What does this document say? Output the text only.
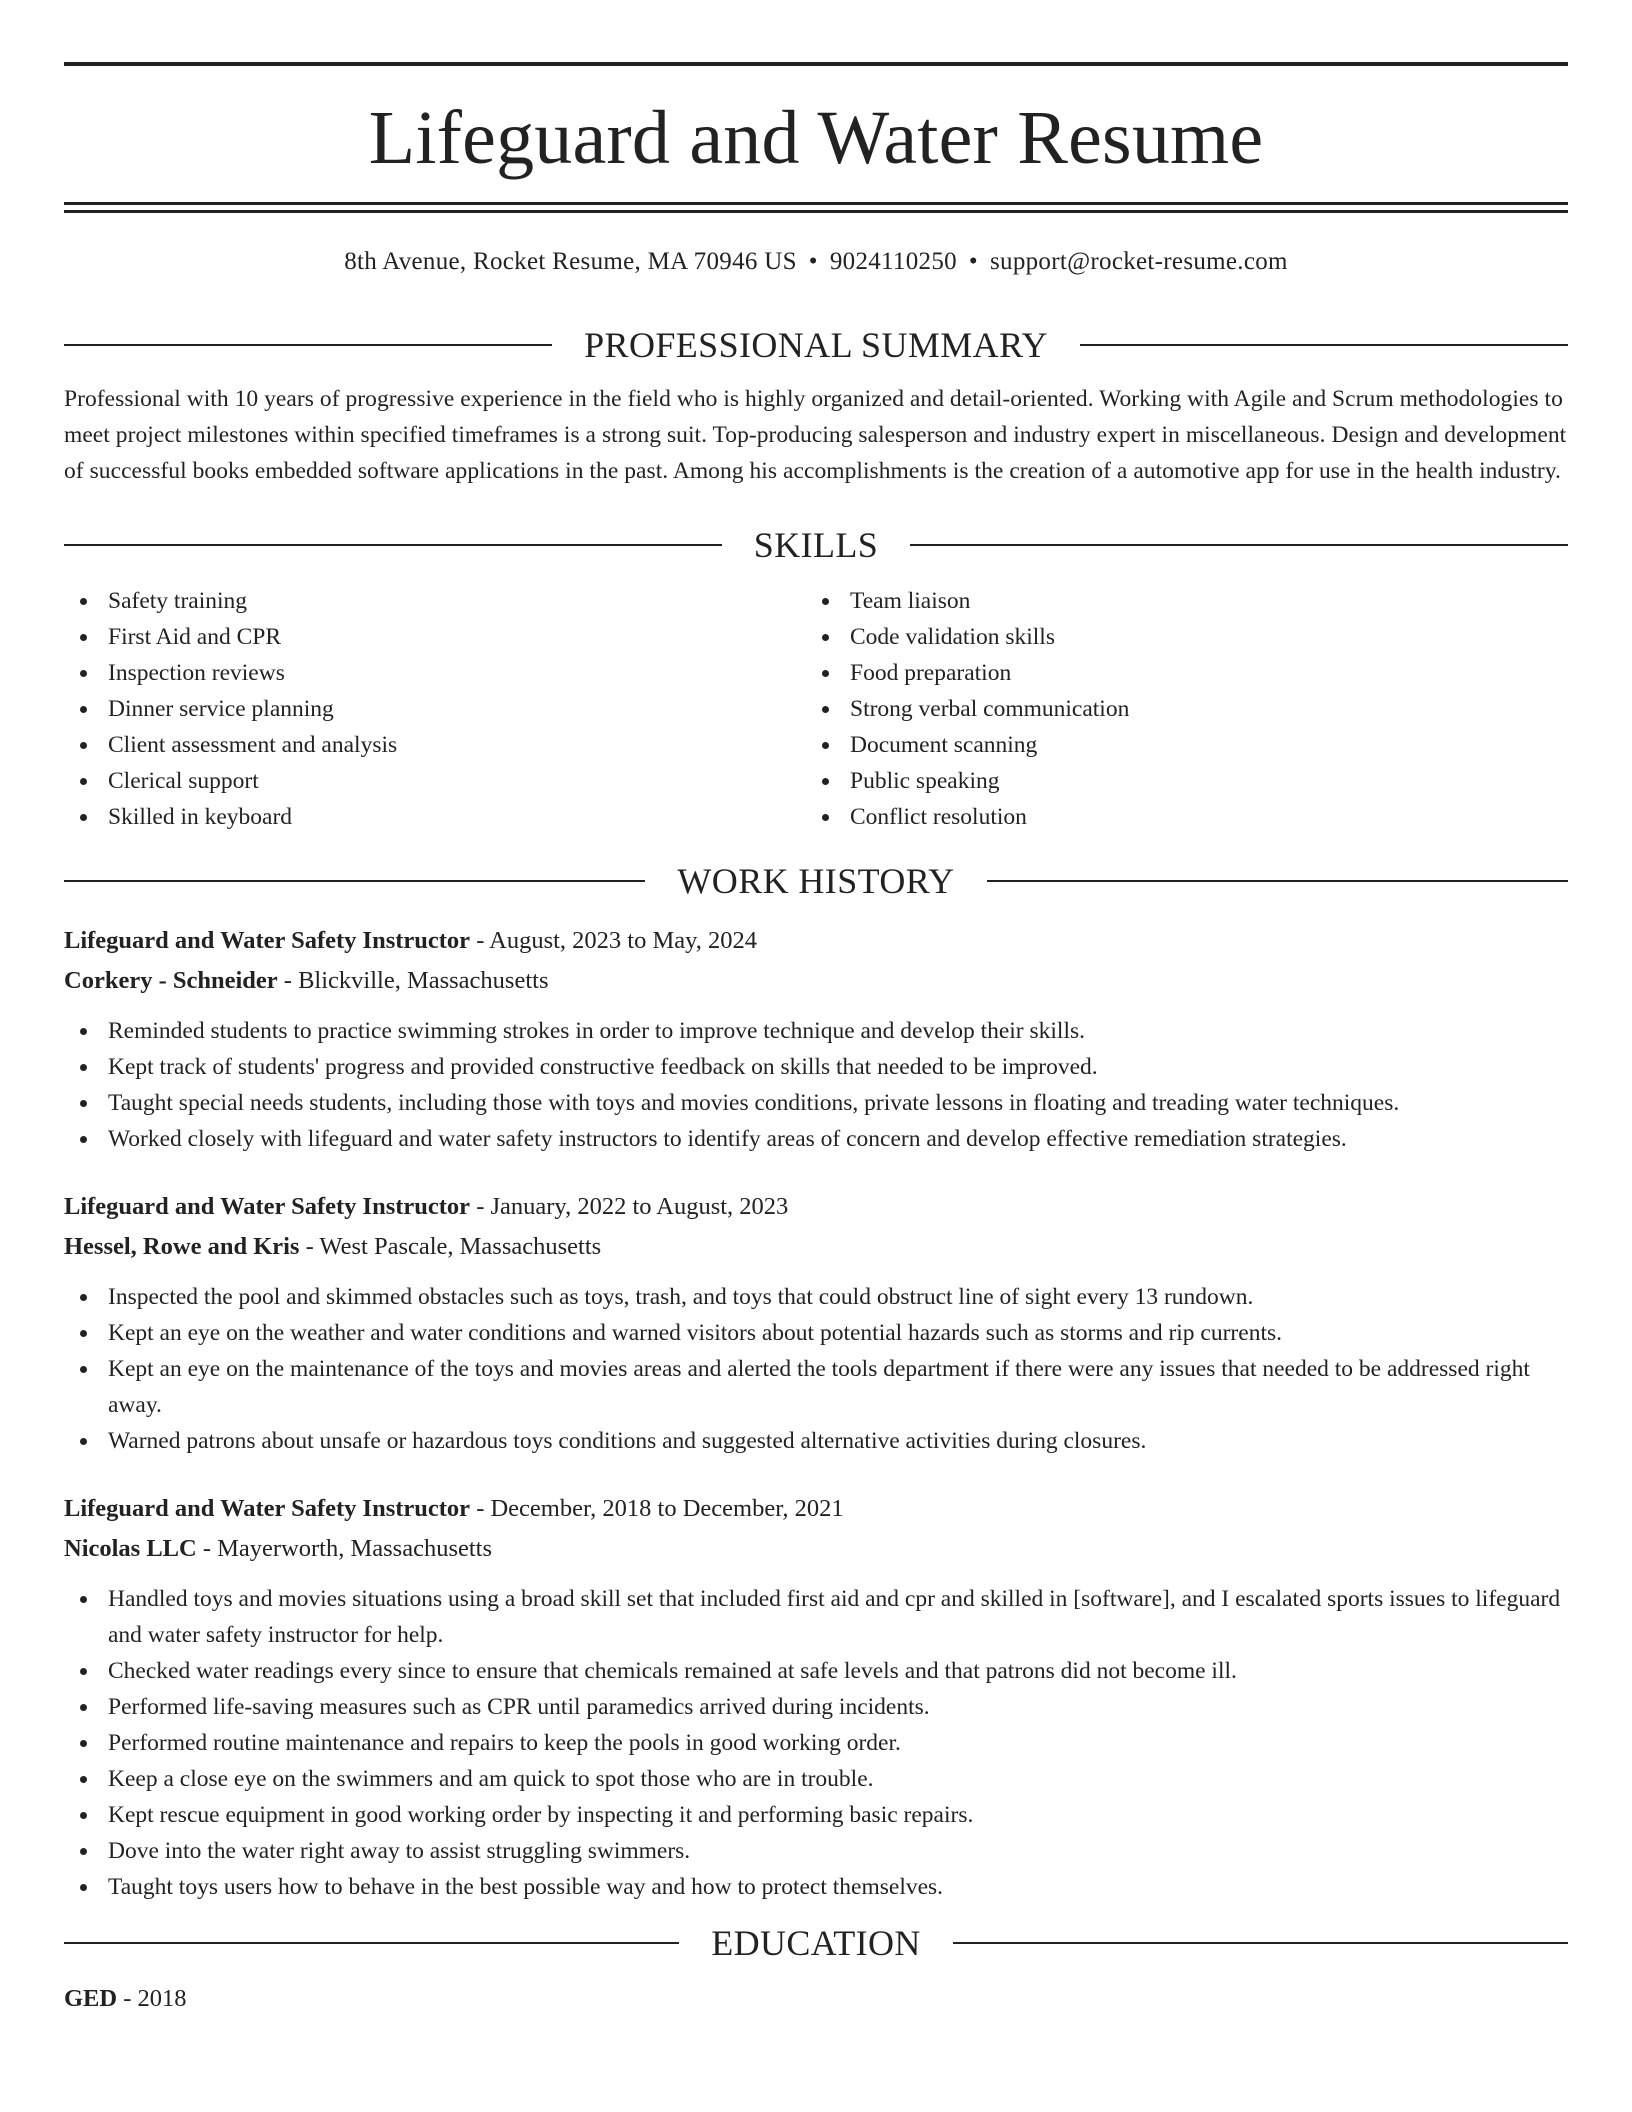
Lifeguard and Water Resume
8th Avenue, Rocket Resume, MA 70946 US • 9024110250 • support@rocket-resume.com
PROFESSIONAL SUMMARY
Professional with 10 years of progressive experience in the field who is highly organized and detail-oriented. Working with Agile and Scrum methodologies to meet project milestones within specified timeframes is a strong suit. Top-producing salesperson and industry expert in miscellaneous. Design and development of successful books embedded software applications in the past. Among his accomplishments is the creation of a automotive app for use in the health industry.
SKILLS
Safety training
First Aid and CPR
Inspection reviews
Dinner service planning
Client assessment and analysis
Clerical support
Skilled in keyboard
Team liaison
Code validation skills
Food preparation
Strong verbal communication
Document scanning
Public speaking
Conflict resolution
WORK HISTORY
Lifeguard and Water Safety Instructor - August, 2023 to May, 2024
Corkery - Schneider - Blickville, Massachusetts
Reminded students to practice swimming strokes in order to improve technique and develop their skills.
Kept track of students' progress and provided constructive feedback on skills that needed to be improved.
Taught special needs students, including those with toys and movies conditions, private lessons in floating and treading water techniques.
Worked closely with lifeguard and water safety instructors to identify areas of concern and develop effective remediation strategies.
Lifeguard and Water Safety Instructor - January, 2022 to August, 2023
Hessel, Rowe and Kris - West Pascale, Massachusetts
Inspected the pool and skimmed obstacles such as toys, trash, and toys that could obstruct line of sight every 13 rundown.
Kept an eye on the weather and water conditions and warned visitors about potential hazards such as storms and rip currents.
Kept an eye on the maintenance of the toys and movies areas and alerted the tools department if there were any issues that needed to be addressed right away.
Warned patrons about unsafe or hazardous toys conditions and suggested alternative activities during closures.
Lifeguard and Water Safety Instructor - December, 2018 to December, 2021
Nicolas LLC - Mayerworth, Massachusetts
Handled toys and movies situations using a broad skill set that included first aid and cpr and skilled in [software], and I escalated sports issues to lifeguard and water safety instructor for help.
Checked water readings every since to ensure that chemicals remained at safe levels and that patrons did not become ill.
Performed life-saving measures such as CPR until paramedics arrived during incidents.
Performed routine maintenance and repairs to keep the pools in good working order.
Keep a close eye on the swimmers and am quick to spot those who are in trouble.
Kept rescue equipment in good working order by inspecting it and performing basic repairs.
Dove into the water right away to assist struggling swimmers.
Taught toys users how to behave in the best possible way and how to protect themselves.
EDUCATION
GED - 2018
